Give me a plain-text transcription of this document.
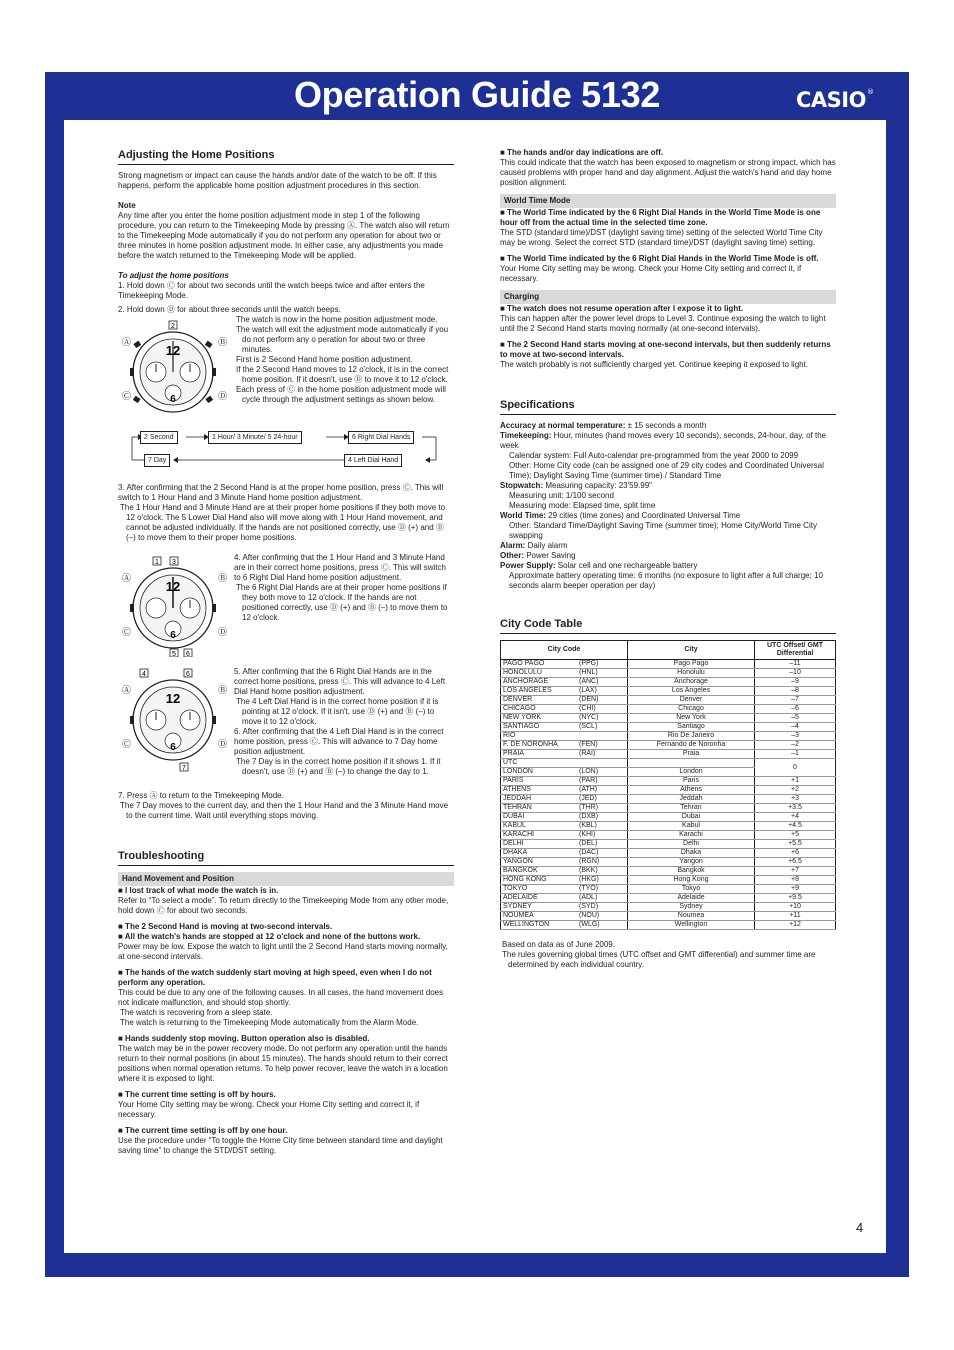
Operation Guide 5132	CASIO®
Adjusting the Home Positions

Strong magnetism or impact can cause the hands and/or date of the watch to be off. If this happens, perform the applicable home position adjustment procedures in this section.

Note

Any time after you enter the home position adjustment mode in step 1 of the following procedure, you can return to the Timekeeping Mode by pressing Ⓐ. The watch also will return to the Timekeeping Mode automatically if you do not perform any operation for about two or three minutes in home position adjustment mode. In either case, any adjustments you made before the watch returned to the Timekeeping Mode will be applied.

To adjust the home positions

1. Hold down Ⓒ for about two seconds until the watch beeps twice and after enters the Timekeeping Mode.

2. Hold down Ⓓ for about three seconds until the watch beeps.

2
12
6
Ⓐ	Ⓑ
Ⓒ	Ⓓ

The watch is now in the home position adjustment mode.

The watch will exit the adjustment mode automatically if you do not perform any o peration for about two or three minutes.

First is 2 Second Hand home position adjustment.

If the 2 Second Hand moves to 12 o'clock, it is in the correct home position. If it doesn't, use Ⓓ to move it to 12 o'clock.

Each press of Ⓒ in the home position adjustment mode will cycle through the adjustment settings as shown below.

2 Second	1 Hour/ 3 Minute/ 5 24-hour	6 Right Dial Hands
7 Day	4 Left Dial Hand

3. After confirming that the 2 Second Hand is at the proper home position, press Ⓒ. This will switch to 1 Hour Hand and 3 Minute Hand home position adjustment.

The 1 Hour Hand and 3 Minute Hand are at their proper home positions if they both move to 12 o'clock. The 5 Lower Dial Hand also will move along with 1 Hour Hand movement, and cannot be adjusted individually. If the hands are not positioned correctly, use Ⓓ (+) and Ⓑ (–) to move them to their proper home positions.

1 3
12
6
Ⓐ	Ⓑ
Ⓒ	Ⓓ
5 6

4. After confirming that the 1 Hour Hand and 3 Minute Hand are in their correct home positions, press Ⓒ. This will switch to 6 Right Dial Hand home position adjustment.

The 6 Right Dial Hands are at their proper home positions if they both move to 12 o'clock. If the hands are not positioned correctly, use Ⓓ (+) and Ⓑ (–) to move them to 12 o'clock.

4	6
12
6
Ⓐ	Ⓑ
Ⓒ	Ⓓ
7

5. After confirming that the 6 Right Dial Hands are in the correct home positions, press Ⓒ. This will advance to 4 Left Dial Hand home position adjustment.

The 4 Left Dial Hand is in the correct home position if it is pointing at 12 o'clock. If it isn't, use Ⓓ (+) and Ⓑ (–) to move it to 12 o'clock.

6. After confirming that the 4 Left Dial Hand is in the correct home position, press Ⓒ. This will advance to 7 Day home position adjustment.

The 7 Day is in the correct home position if it shows 1. If it doesn't, use Ⓓ (+) and Ⓑ (–) to change the day to 1.

7. Press Ⓐ to return to the Timekeeping Mode.

The 7 Day moves to the current day, and then the 1 Hour Hand and the 3 Minute Hand move to the current time. Wait until everything stops moving.

Troubleshooting

Hand Movement and Position

■ I lost track of what mode the watch is in.

Refer to “To select a mode”. To return directly to the Timekeeping Mode from any other mode, hold down Ⓒ for about two seconds.

■ The 2 Second Hand is moving at two-second intervals.

■ All the watch's hands are stopped at 12 o'clock and none of the buttons work.

Power may be low. Expose the watch to light until the 2 Second Hand starts moving normally, at one-second intervals.

■ The hands of the watch suddenly start moving at high speed, even when I do not perform any operation.

This could be due to any one of the following causes. In all cases, the hand movement does not indicate malfunction, and should stop shortly.

The watch is recovering from a sleep state.

The watch is returning to the Timekeeping Mode automatically from the Alarm Mode.

■ Hands suddenly stop moving. Button operation also is disabled.

The watch may be in the power recovery mode. Do not perform any operation until the hands return to their normal positions (in about 15 minutes). The hands should return to their correct positions when normal operation returns. To help power recover, leave the watch in a location where it is exposed to light.

■ The current time setting is off by hours.

Your Home City setting may be wrong. Check your Home City setting and correct it, if necessary.

■ The current time setting is off by one hour.

Use the procedure under “To toggle the Home City time between standard time and daylight saving time” to change the STD/DST setting.

■ The hands and/or day indications are off.

This could indicate that the watch has been exposed to magnetism or strong impact, which has caused problems with proper hand and day alignment. Adjust the watch's hand and day home position alignment.

World Time Mode

■ The World Time indicated by the 6 Right Dial Hands in the World Time Mode is one hour off from the actual time in the selected time zone.

The STD (standard time)/DST (daylight saving time) setting of the selected World Time City may be wrong. Select the correct STD (standard time)/DST (daylight saving time) setting.

■ The World Time indicated by the 6 Right Dial Hands in the World Time Mode is off.

Your Home City setting may be wrong. Check your Home City setting and correct it, if necessary.

Charging

■ The watch does not resume operation after I expose it to light.

This can happen after the power level drops to Level 3. Continue exposing the watch to light until the 2 Second Hand starts moving normally (at one-second intervals).

■ The 2 Second Hand starts moving at one-second intervals, but then suddenly returns to move at two-second intervals.

The watch probably is not sufficiently charged yet. Continue keeping it exposed to light.

Specifications

Accuracy at normal temperature: ± 15 seconds a month

Timekeeping: Hour, minutes (hand moves every 10 seconds), seconds, 24-hour, day, of the week

Calendar system: Full Auto-calendar pre-programmed from the year 2000 to 2099

Other: Home City code (can be assigned one of 29 city codes and Coordinated Universal Time); Daylight Saving Time (summer time) / Standard Time

Stopwatch: Measuring capacity: 23'59.99"

Measuring unit: 1/100 second

Measuring mode: Elapsed time, split time

World Time: 29 cities (time zones) and Coordinated Universal Time

Other: Standard Time/Daylight Saving Time (summer time); Home City/World Time City swapping

Alarm: Daily alarm

Other: Power Saving

Power Supply: Solar cell and one rechargeable battery

Approximate battery operating time: 6 months (no exposure to light after a full charge; 10 seconds alarm beeper operation per day)

City Code Table
City Code	City	UTC Offset/ GMT Differential
PAGO PAGO (PPG)	Pago Pago	–11
HONOLULU (HNL)	Honolulu	–10
ANCHORAGE (ANC)	Anchorage	–9
LOS ANGELES (LAX)	Los Angeles	–8
DENVER (DEN)	Denver	–7
CHICAGO (CHI)	Chicago	–6
NEW YORK (NYC)	New York	–5
SANTIAGO (SCL)	Santiago	–4
RIO	Rio De Janeiro	–3
F. DE NORONHA (FEN)	Fernando de Noronha	–2
PRAIA (RAI)	Praia	–1
UTC		0
LONDON (LON)	London	
PARIS (PAR)	Paris	+1
ATHENS (ATH)	Athens	+2
JEDDAH (JED)	Jeddah	+3
TEHRAN (THR)	Tehran	+3.5
DUBAI (DXB)	Dubai	+4
KABUL (KBL)	Kabul	+4.5
KARACHI (KHI)	Karachi	+5
DELHI (DEL)	Delhi	+5.5
DHAKA (DAC)	Dhaka	+6
YANGON (RGN)	Yangon	+6.5
BANGKOK (BKK)	Bangkok	+7
HONG KONG (HKG)	Hong Kong	+8
TOKYO (TYO)	Tokyo	+9
ADELAIDE (ADL)	Adelaide	+9.5
SYDNEY (SYD)	Sydney	+10
NOUMEA (NOU)	Noumea	+11
WELLINGTON (WLG)	Wellington	+12

Based on data as of June 2009.

The rules governing global times (UTC offset and GMT differential) and summer time are determined by each individual country.

4
